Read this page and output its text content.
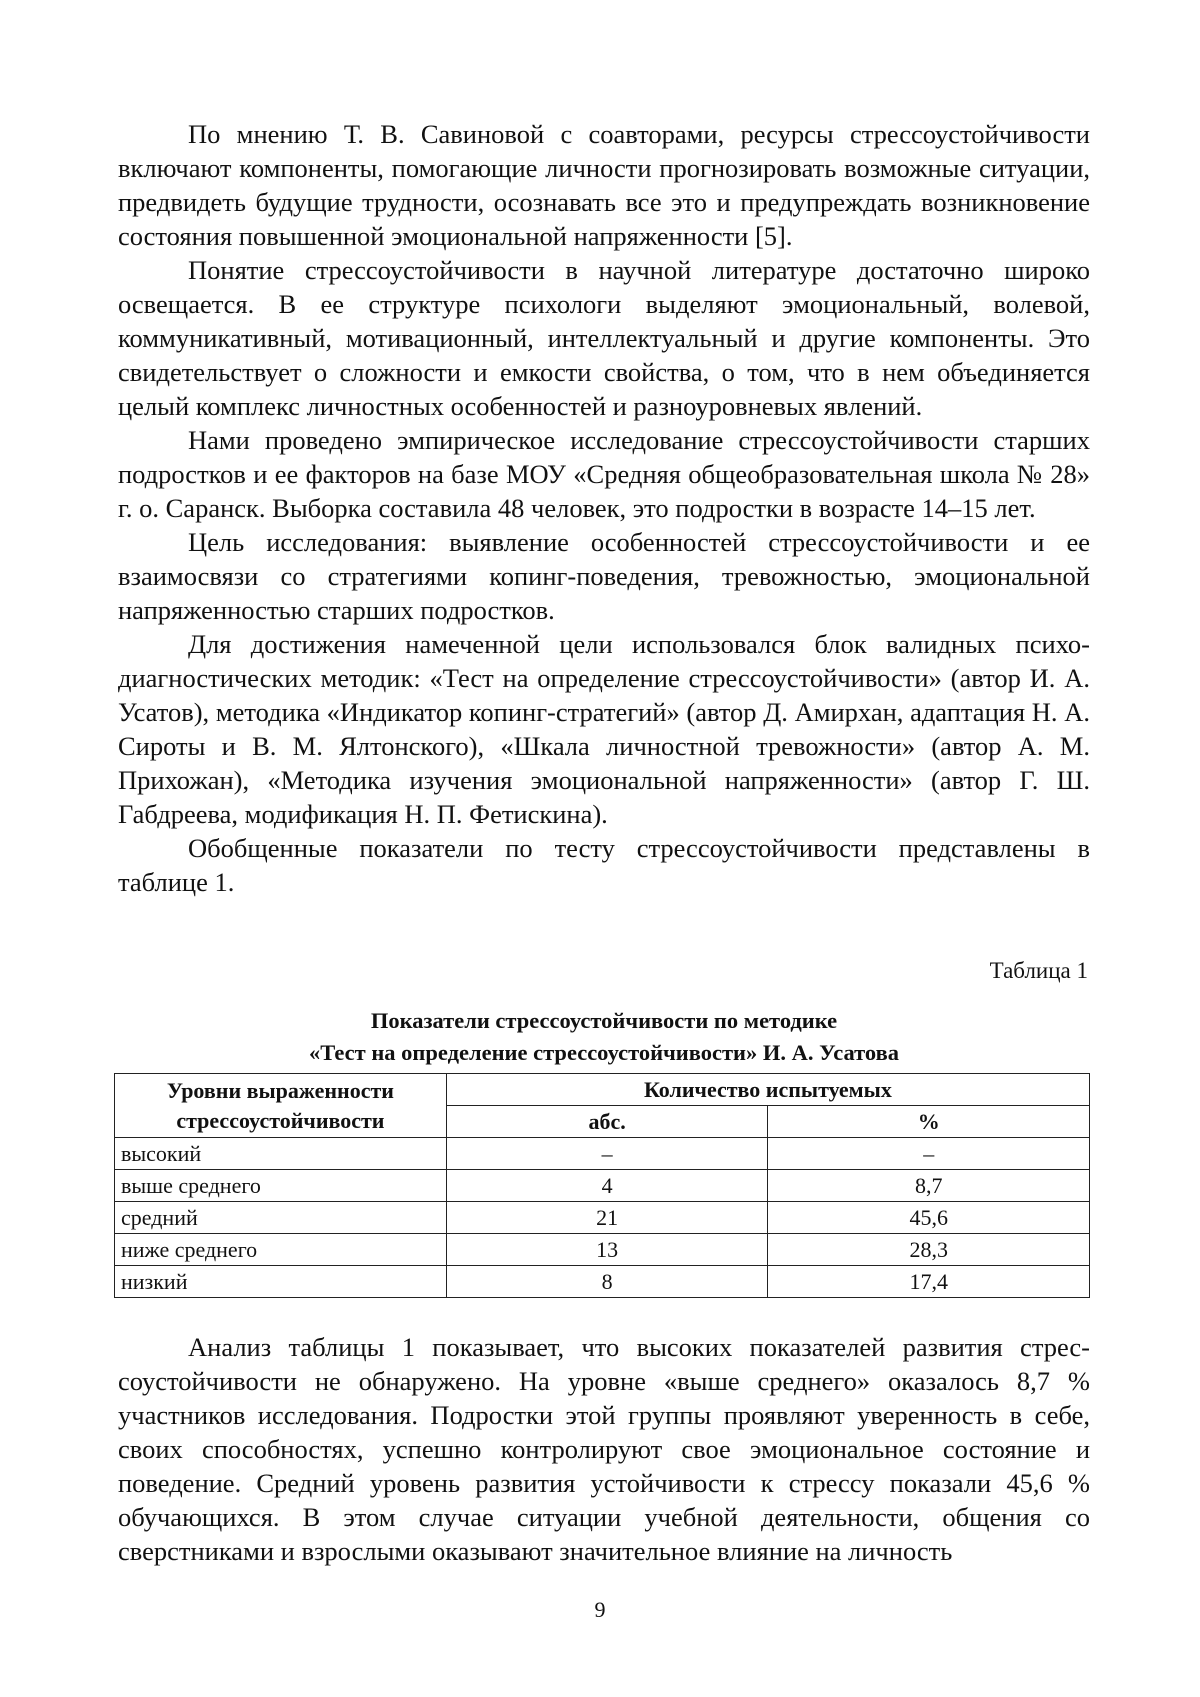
По мнению Т. В. Савиновой с соавторами, ресурсы стрессоустойчивости включают компоненты, помогающие личности прогнозировать возможные ситуации, предвидеть будущие трудности, осознавать все это и предупреждать возникновение состояния повышенной эмоциональной напряженности [5].

Понятие стрессоустойчивости в научной литературе достаточно широко освещается. В ее структуре психологи выделяют эмоциональный, волевой, коммуникативный, мотивационный, интеллектуальный и другие компоненты. Это свидетельствует о сложности и емкости свойства, о том, что в нем объединяется целый комплекс личностных особенностей и разноуровневых явлений.

Нами проведено эмпирическое исследование стрессоустойчивости старших подростков и ее факторов на базе МОУ «Средняя общеобразовательная школа № 28» г. о. Саранск. Выборка составила 48 человек, это подростки в возрасте 14–15 лет.

Цель исследования: выявление особенностей стрессоустойчивости и ее взаимосвязи со стратегиями копинг-поведения, тревожностью, эмоциональной напряженностью старших подростков.

Для достижения намеченной цели использовался блок валидных психодиагностических методик: «Тест на определение стрессоустойчивости» (автор И. А. Усатов), методика «Индикатор копинг-стратегий» (автор Д. Амирхан, адаптация Н. А. Сироты и В. М. Ялтонского), «Шкала личностной тревожности» (автор А. М. Прихожан), «Методика изучения эмоциональной напряженности» (автор Г. Ш. Габдреева, модификация Н. П. Фетискина).

Обобщенные показатели по тесту стрессоустойчивости представлены в таблице 1.

Таблица 1
Показатели стрессоустойчивости по методике
«Тест на определение стрессоустойчивости» И. А. Усатова
Уровни выраженности стрессоустойчивости	Количество испытуемых	
	абс.	%
высокий	–	–
выше среднего	4	8,7
средний	21	45,6
ниже среднего	13	28,3
низкий	8	17,4

Анализ таблицы 1 показывает, что высоких показателей развития стрессоустойчивости не обнаружено. На уровне «выше среднего» оказалось 8,7 % участников исследования. Подростки этой группы проявляют уверенность в себе, своих способностях, успешно контролируют свое эмоциональное состояние и поведение. Средний уровень развития устойчивости к стрессу показали 45,6 % обучающихся. В этом случае ситуации учебной деятельности, общения со сверстниками и взрослыми оказывают значительное влияние на личность

9
